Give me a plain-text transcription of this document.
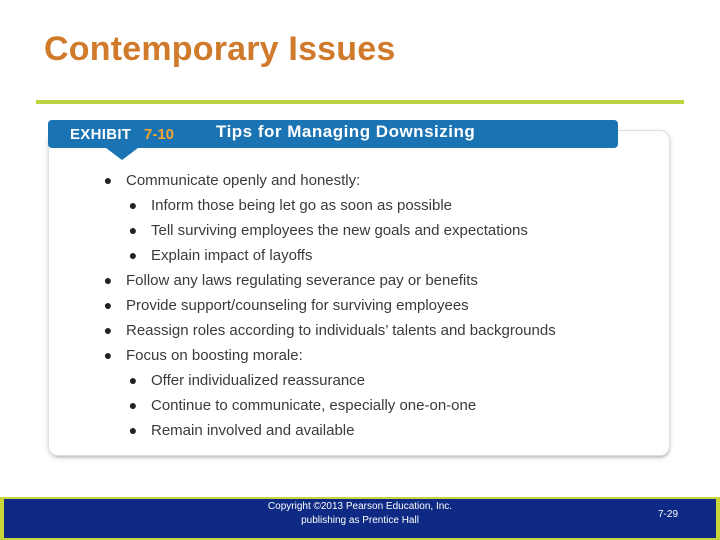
Contemporary Issues
EXHIBIT 7-10 Tips for Managing Downsizing
● Communicate openly and honestly:
● Inform those being let go as soon as possible
● Tell surviving employees the new goals and expectations
● Explain impact of layoffs
● Follow any laws regulating severance pay or benefits
● Provide support/counseling for surviving employees
● Reassign roles according to individuals’ talents and backgrounds
● Focus on boosting morale:
● Offer individualized reassurance
● Continue to communicate, especially one-on-one
● Remain involved and available
Copyright ©2013 Pearson Education, Inc.
publishing as Prentice Hall
7-29
